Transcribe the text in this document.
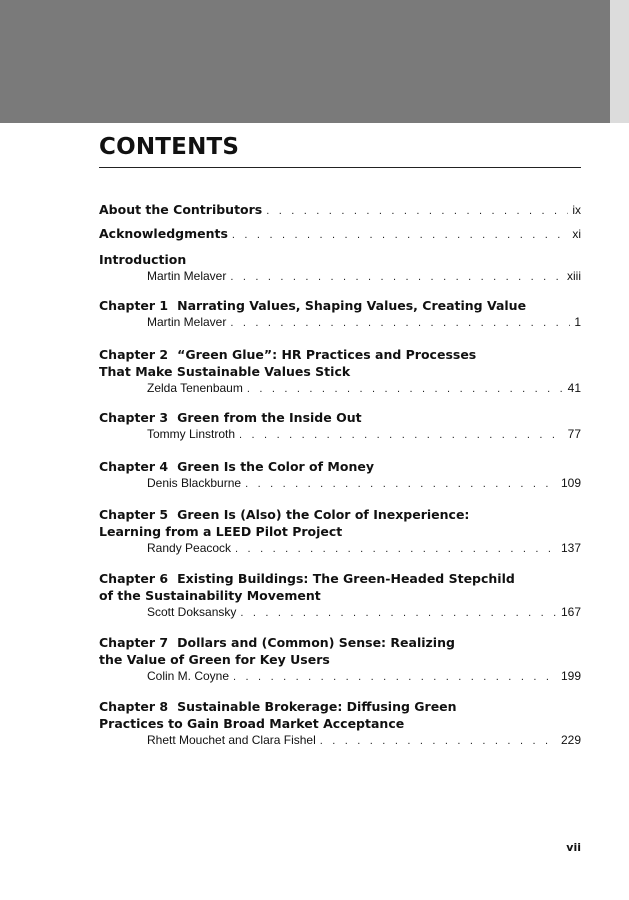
CONTENTS
About the Contributors . . .	ix
Acknowledgments . . .	xi
Introduction
Martin Melaver . . .	xiii
Chapter 1 Narrating Values, Shaping Values, Creating Value
Martin Melaver . . .	1
Chapter 2 “Green Glue”: HR Practices and Processes
That Make Sustainable Values Stick
Zelda Tenenbaum . . .	41
Chapter 3 Green from the Inside Out
Tommy Linstroth . . .	77
Chapter 4 Green Is the Color of Money
Denis Blackburne . . .	109
Chapter 5 Green Is (Also) the Color of Inexperience:
Learning from a LEED Pilot Project
Randy Peacock . . .	137
Chapter 6 Existing Buildings: The Green-Headed Stepchild
of the Sustainability Movement
Scott Doksansky . . .	167
Chapter 7 Dollars and (Common) Sense: Realizing
the Value of Green for Key Users
Colin M. Coyne . . .	199
Chapter 8 Sustainable Brokerage: Diffusing Green
Practices to Gain Broad Market Acceptance
Rhett Mouchet and Clara Fishel . . .	229
vii
